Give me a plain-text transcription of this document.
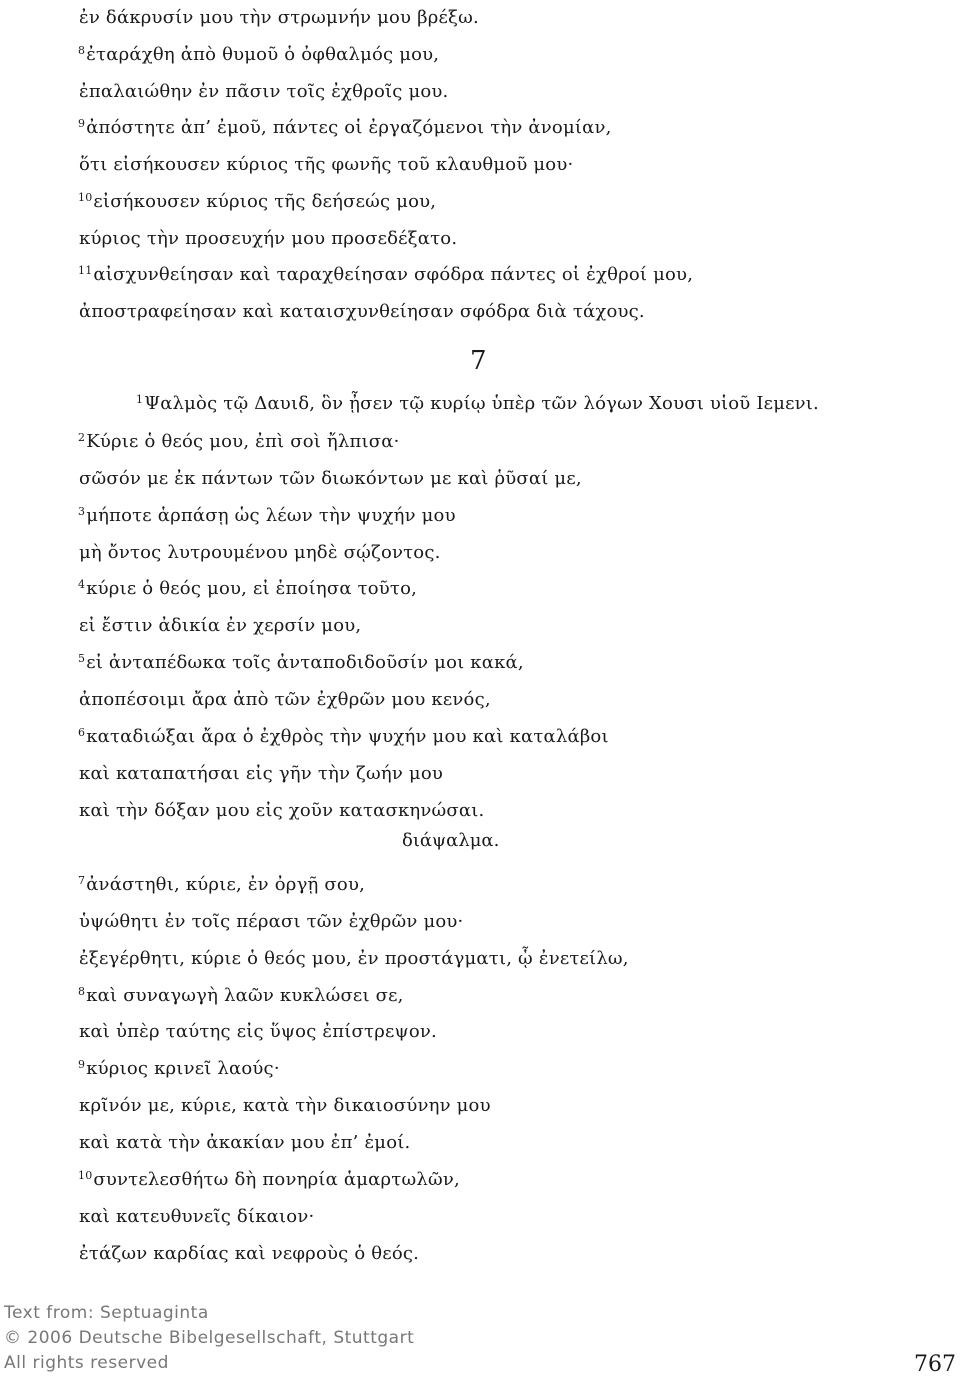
ἐν δάκρυσίν μου τὴν στρωμνήν μου βρέξω.
$^8$ἐταράχθη ἀπὸ θυμοῦ ὁ ὀφθαλμός μου,
ἐπαλαιώθην ἐν πᾶσιν τοῖς ἐχθροῖς μου.
$^9$ἀπόστητε ἀπ’ ἐμοῦ, πάντες οἱ ἐργαζόμενοι τὴν ἀνομίαν,
ὅτι εἰσήκουσεν κύριος τῆς φωνῆς τοῦ κλαυθμοῦ μου·
$^{10}$εἰσήκουσεν κύριος τῆς δεήσεώς μου,
κύριος τὴν προσευχήν μου προσεδέξατο.
$^{11}$αἰσχυνθείησαν καὶ ταραχθείησαν σφόδρα πάντες οἱ ἐχθροί μου,
ἀποστραφείησαν καὶ καταισχυνθείησαν σφόδρα διὰ τάχους.
7
$^1$Ψαλμὸς τῷ Δαυιδ, ὃν ᾖσεν τῷ κυρίῳ ὑπὲρ τῶν λόγων Χουσι υἱοῦ Ιεμενι.
$^2$Κύριε ὁ θεός μου, ἐπὶ σοὶ ἤλπισα·
σῶσόν με ἐκ πάντων τῶν διωκόντων με καὶ ῥῦσαί με,
$^3$μήποτε ἁρπάσῃ ὡς λέων τὴν ψυχήν μου
μὴ ὄντος λυτρουμένου μηδὲ σῴζοντος.
$^4$κύριε ὁ θεός μου, εἰ ἐποίησα τοῦτο,
εἰ ἔστιν ἀδικία ἐν χερσίν μου,
$^5$εἰ ἀνταπέδωκα τοῖς ἀνταποδιδοῦσίν μοι κακά,
ἀποπέσοιμι ἄρα ἀπὸ τῶν ἐχθρῶν μου κενός,
$^6$καταδιώξαι ἄρα ὁ ἐχθρὸς τὴν ψυχήν μου καὶ καταλάβοι
καὶ καταπατήσαι εἰς γῆν τὴν ζωήν μου
καὶ τὴν δόξαν μου εἰς χοῦν κατασκηνώσαι.
διάψαλμα.
$^7$ἀνάστηθι, κύριε, ἐν ὀργῇ σου,
ὑψώθητι ἐν τοῖς πέρασι τῶν ἐχθρῶν μου·
ἐξεγέρθητι, κύριε ὁ θεός μου, ἐν προστάγματι, ᾧ ἐνετείλω,
$^8$καὶ συναγωγὴ λαῶν κυκλώσει σε,
καὶ ὑπὲρ ταύτης εἰς ὕψος ἐπίστρεψον.
$^9$κύριος κρινεῖ λαούς·
κρῖνόν με, κύριε, κατὰ τὴν δικαιοσύνην μου
καὶ κατὰ τὴν ἀκακίαν μου ἐπ’ ἐμοί.
$^{10}$συντελεσθήτω δὴ πονηρία ἁμαρτωλῶν,
καὶ κατευθυνεῖς δίκαιον·
ἐτάζων καρδίας καὶ νεφροὺς ὁ θεός.
Text from: Septuaginta
© 2006 Deutsche Bibelgesellschaft, Stuttgart
All rights reserved	767
